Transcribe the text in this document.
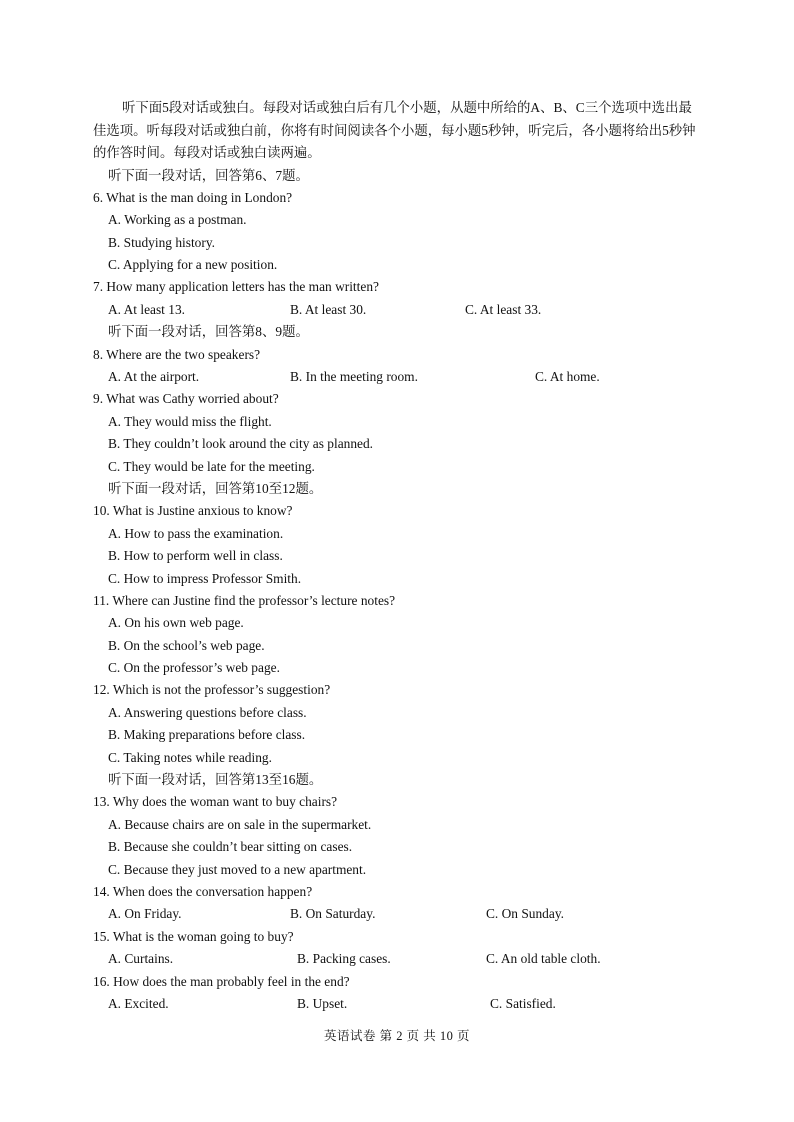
听下面5段对话或独白。每段对话或独白后有几个小题，从题中所给的A、B、C三个选项中选出最佳选项。听每段对话或独白前，你将有时间阅读各个小题，每小题5秒钟，听完后，各小题将给出5秒钟的作答时间。每段对话或独白读两遍。

听下面一段对话，回答第6、7题。
6. What is the man doing in London?
A. Working as a postman.
B. Studying history.
C. Applying for a new position.
7. How many application letters has the man written?
A. At least 13.	B. At least 30.	C. At least 33.
听下面一段对话，回答第8、9题。
8. Where are the two speakers?
A. At the airport.	B. In the meeting room.	C. At home.
9. What was Cathy worried about?
A. They would miss the flight.
B. They couldn’t look around the city as planned.
C. They would be late for the meeting.
听下面一段对话，回答第10至12题。
10. What is Justine anxious to know?
A. How to pass the examination.
B. How to perform well in class.
C. How to impress Professor Smith.
11. Where can Justine find the professor’s lecture notes?
A. On his own web page.
B. On the school’s web page.
C. On the professor’s web page.
12. Which is not the professor’s suggestion?
A. Answering questions before class.
B. Making preparations before class.
C. Taking notes while reading.
听下面一段对话，回答第13至16题。
13. Why does the woman want to buy chairs?
A. Because chairs are on sale in the supermarket.
B. Because she couldn’t bear sitting on cases.
C. Because they just moved to a new apartment.
14. When does the conversation happen?
A. On Friday.	B. On Saturday.	C. On Sunday.
15. What is the woman going to buy?
A. Curtains.	B. Packing cases.	C. An old table cloth.
16. How does the man probably feel in the end?
A. Excited.	B. Upset.	C. Satisfied.
英语试卷 第 2 页 共 10 页
